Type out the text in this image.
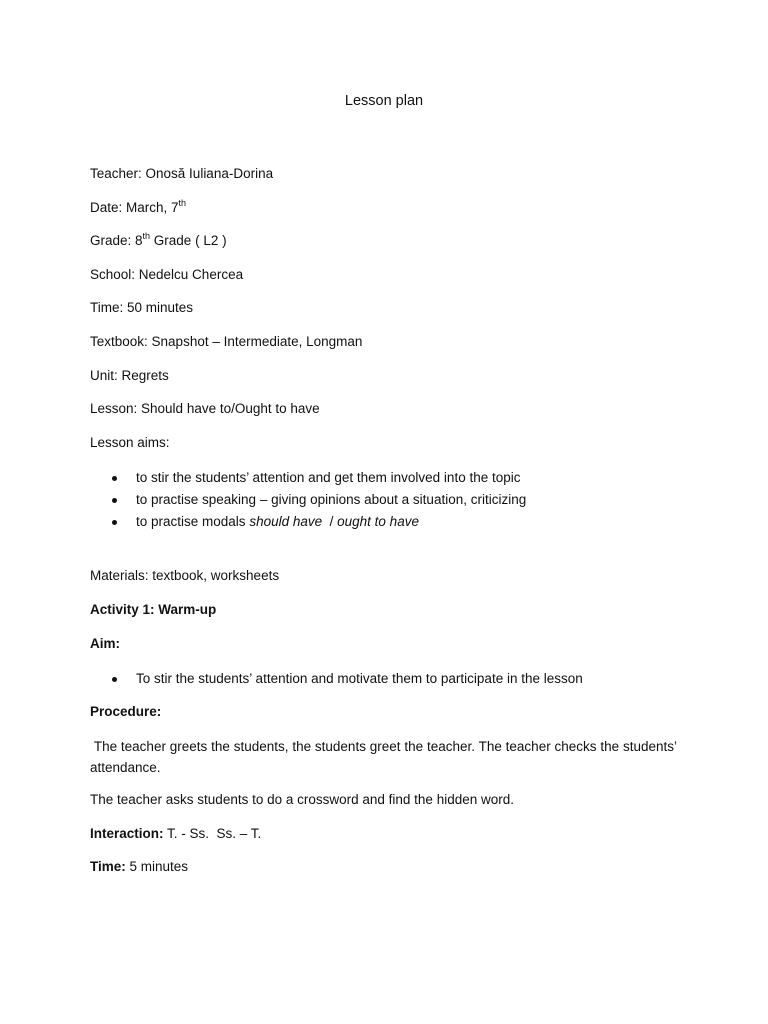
Lesson plan
Teacher: Onosă Iuliana-Dorina
Date: March, 7th
Grade: 8th Grade ( L2 )
School: Nedelcu Chercea
Time: 50 minutes
Textbook: Snapshot – Intermediate, Longman
Unit: Regrets
Lesson: Should have to/Ought to have
Lesson aims:
to stir the students’ attention and get them involved into the topic
to practise speaking – giving opinions about a situation, criticizing
to practise modals should have  / ought to have
Materials: textbook, worksheets
Activity 1: Warm-up
Aim:
To stir the students’ attention and motivate them to participate in the lesson
Procedure:
The teacher greets the students, the students greet the teacher. The teacher checks the students’ attendance.
The teacher asks students to do a crossword and find the hidden word.
Interaction: T. - Ss.  Ss. – T.
Time: 5 minutes
